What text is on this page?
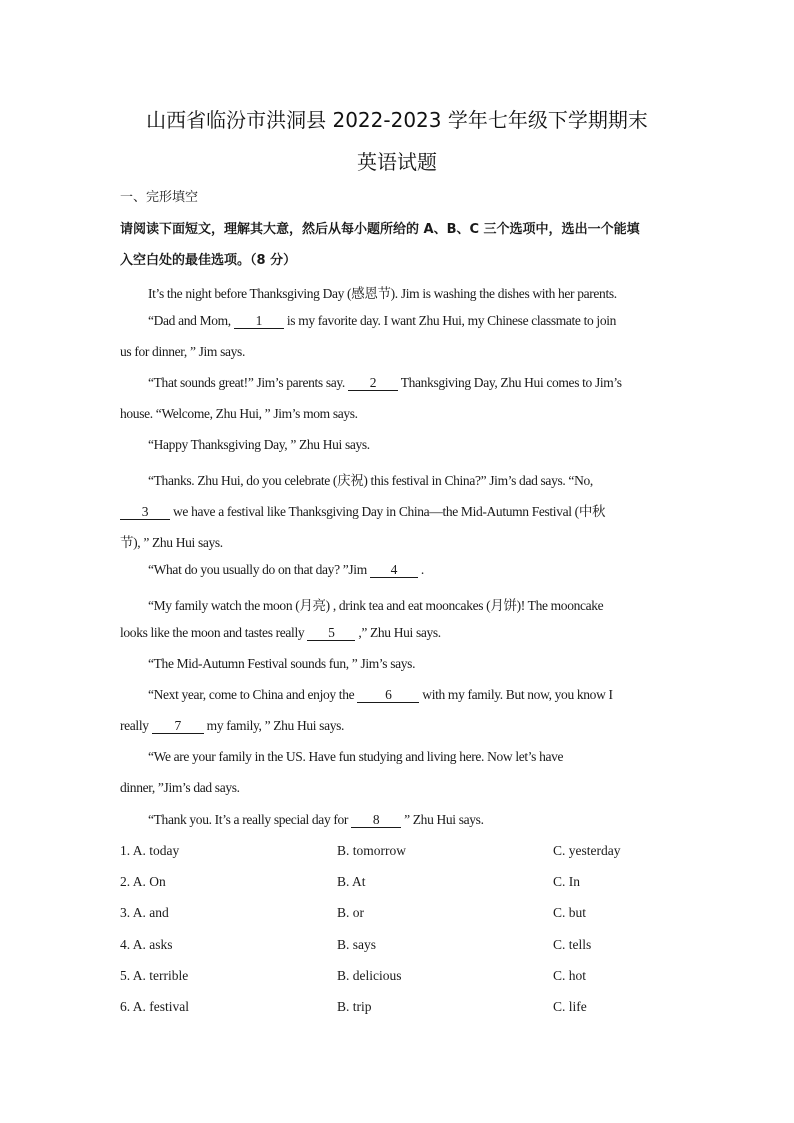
山西省临汾市洪洞县 2022-2023 学年七年级下学期期末
英语试题
一、完形填空
请阅读下面短文，理解其大意，然后从每小题所给的 A、B、C 三个选项中，选出一个能填
入空白处的最佳选项。（8 分）
It’s the night before Thanksgiving Day (感恩节). Jim is washing the dishes with her parents.
“Dad and Mom, 1 is my favorite day. I want Zhu Hui, my Chinese classmate to join
us for dinner, ” Jim says.
“That sounds great!” Jim’s parents say. 2 Thanksgiving Day, Zhu Hui comes to Jim’s
house. “Welcome, Zhu Hui, ” Jim’s mom says.
“Happy Thanksgiving Day, ” Zhu Hui says.
“Thanks. Zhu Hui, do you celebrate (庆祝) this festival in China?” Jim’s dad says. “No,
3 we have a festival like Thanksgiving Day in China—the Mid-Autumn Festival (中秋
节), ” Zhu Hui says.
“What do you usually do on that day? ”Jim 4 .
“My family watch the moon (月亮) , drink tea and eat mooncakes (月饼)! The mooncake
looks like the moon and tastes really 5 ,” Zhu Hui says.
“The Mid-Autumn Festival sounds fun, ” Jim’s says.
“Next year, come to China and enjoy the 6 with my family. But now, you know I
really 7 my family, ” Zhu Hui says.
“We are your family in the US. Have fun studying and living here. Now let’s have
dinner, ”Jim’s dad says.
“Thank you. It’s a really special day for 8 ” Zhu Hui says.
1. A. today	B. tomorrow	C. yesterday
2. A. On	B. At	C. In
3. A. and	B. or	C. but
4. A. asks	B. says	C. tells
5. A. terrible	B. delicious	C. hot
6. A. festival	B. trip	C. life
